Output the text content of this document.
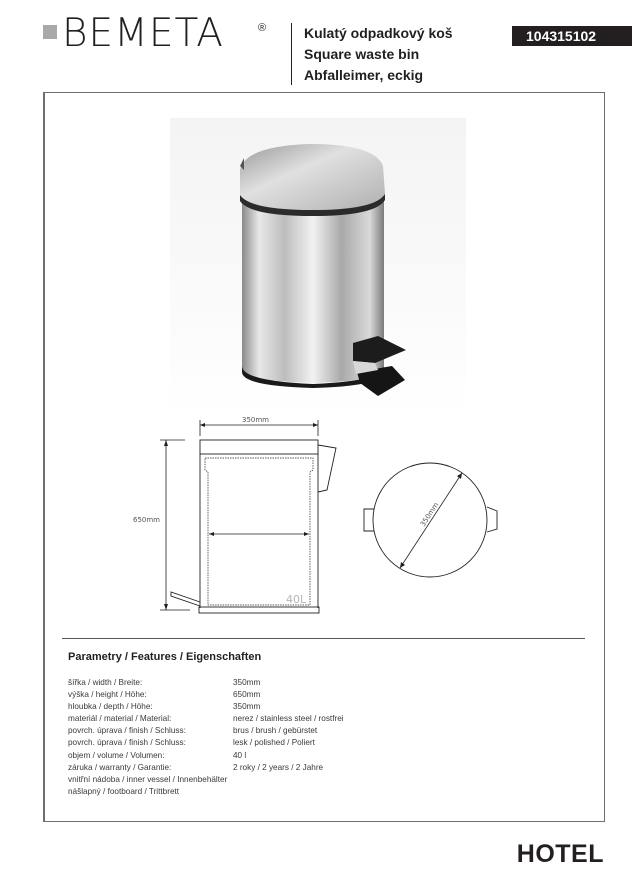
BEMETA	®	Kulatý odpadkový koš
Square waste bin
Abfalleimer, eckig
104315102
350mm
650mm
40L
350mm
Parametry / Features / Eigenschaften
šířka / width / Breite:	350mm
výška / height / Höhe:	650mm
hloubka / depth / Höhe:	350mm
materiál / material / Material:	nerez / stainless steel / rostfrei
povrch. úprava / finish / Schluss:	brus / brush / gebürstet
povrch. úprava / finish / Schluss:	lesk / polished / Poliert
objem / volume / Volumen:	40 l
záruka / warranty / Garantie:	2 roky / 2 years / 2 Jahre
vnitřní nádoba / inner vessel / Innenbehälter
nášlapný / footboard / Trittbrett
HOTEL
